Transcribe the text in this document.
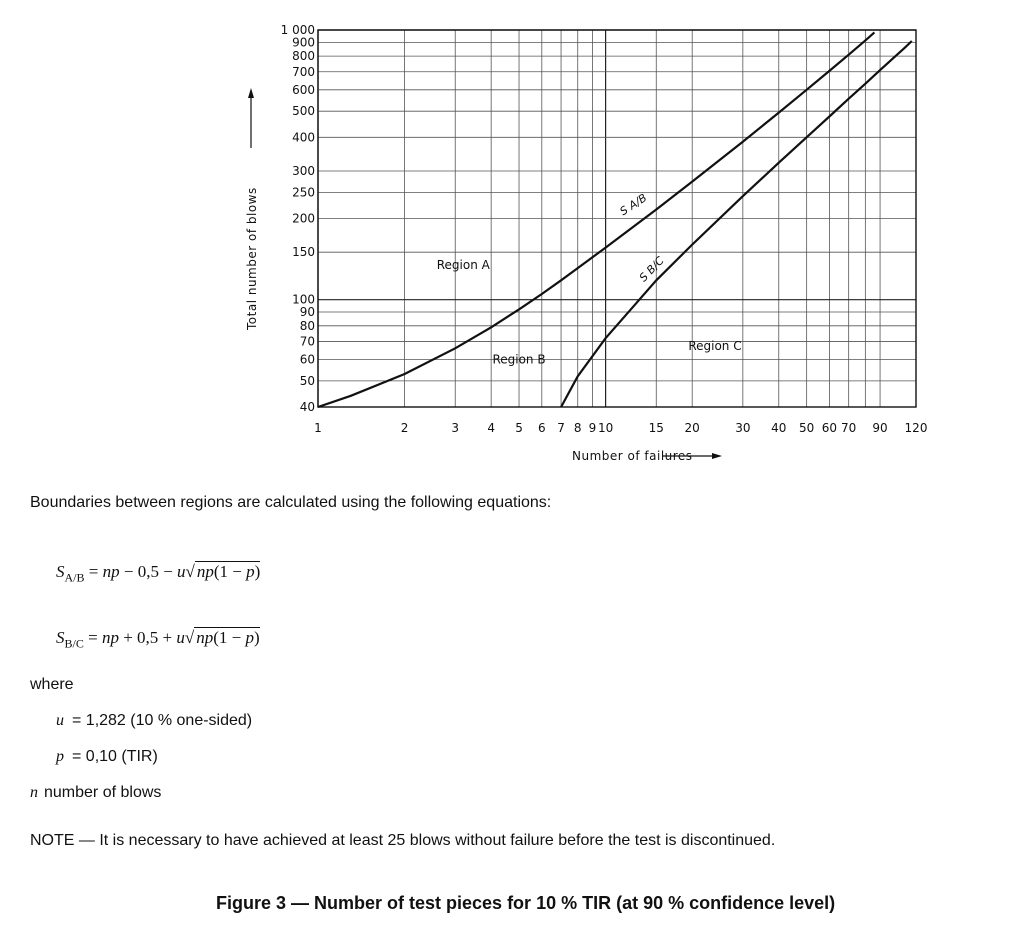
S A/B
S B/C
1	2	3 4 5 6 7 8 9 10	15 20	30 40 50 60 70 90 120
40
50
60
70
80
90
100
150
200
250
300
400
500
600
700
800
900
1 000
Region A
Region B
Region C
Number of failures
Total number of blows
Boundaries between regions are calculated using the following equations:
$S_{A/B}$ = np − 0,5 − u√ np(1 − p)
$S_{B/C}$ = np + 0,5 + u√ np(1 − p)
where
u = 1,282 (10 % one-sided)
p = 0,10 (TIR)
n number of blows
NOTE — It is necessary to have achieved at least 25 blows without failure before the test is discontinued.
Figure 3 — Number of test pieces for 10 % TIR (at 90 % confidence level)
